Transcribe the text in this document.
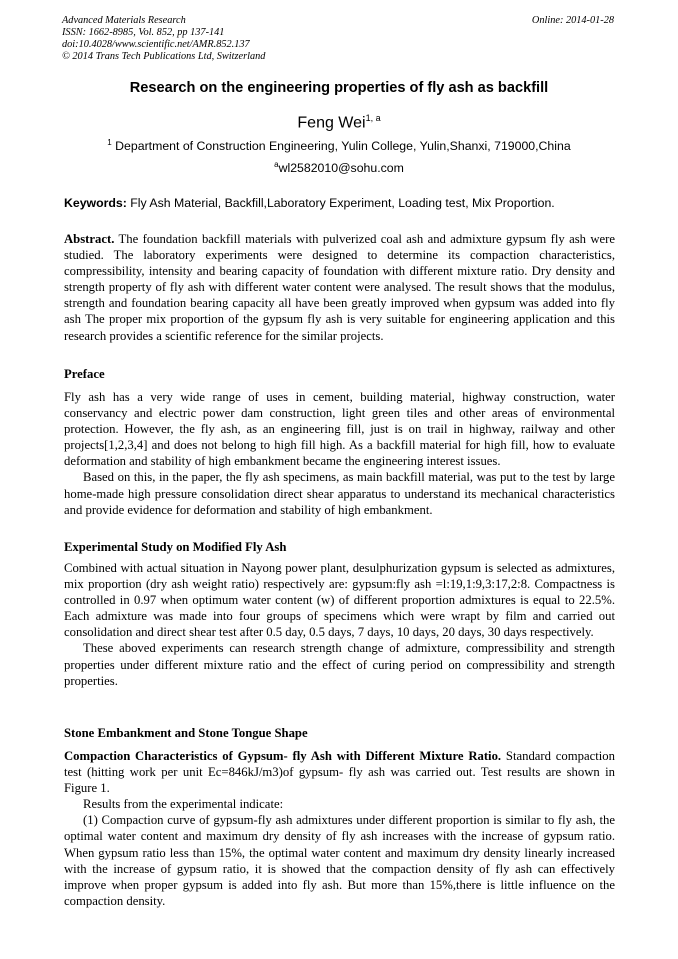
Advanced Materials Research
ISSN: 1662-8985, Vol. 852, pp 137-141
doi:10.4028/www.scientific.net/AMR.852.137
© 2014 Trans Tech Publications Ltd, Switzerland
Online: 2014-01-28
Research on the engineering properties of fly ash as backfill
Feng Wei$^{1, a}$
$^1$ Department of Construction Engineering, Yulin College, Yulin,Shanxi, 719000,China
$^a$wl2582010@sohu.com
Keywords: Fly Ash Material, Backfill,Laboratory Experiment, Loading test, Mix Proportion.

Abstract. The foundation backfill materials with pulverized coal ash and admixture gypsum fly ash were studied. The laboratory experiments were designed to determine its compaction characteristics, compressibility, intensity and bearing capacity of foundation with different mixture ratio. Dry density and strength property of fly ash with different water content were analysed. The result shows that the modulus, strength and foundation bearing capacity all have been greatly improved when gypsum was added into fly ash The proper mix proportion of the gypsum fly ash is very suitable for engineering application and this research provides a scientific reference for the similar projects.

Preface

Fly ash has a very wide range of uses in cement, building material, highway construction, water conservancy and electric power dam construction, light green tiles and other areas of environmental protection. However, the fly ash, as an engineering fill, just is on trail in highway, railway and other projects[1,2,3,4] and does not belong to high fill high. As a backfill material for high fill, how to evaluate deformation and stability of high embankment became the engineering interest issues.

Based on this, in the paper, the fly ash specimens, as main backfill material, was put to the test by large home-made high pressure consolidation direct shear apparatus to understand its mechanical characteristics and provide evidence for deformation and stability of high embankment.

Experimental Study on Modified Fly Ash

Combined with actual situation in Nayong power plant, desulphurization gypsum is selected as admixtures, mix proportion (dry ash weight ratio) respectively are: gypsum:fly ash =l:19,1:9,3:17,2:8. Compactness is controlled in 0.97 when optimum water content (w) of different proportion admixtures is equal to 22.5%. Each admixture was made into four groups of specimens which were wrapt by film and carried out consolidation and direct shear test after 0.5 day, 0.5 days, 7 days, 10 days, 20 days, 30 days respectively.

These aboved experiments can research strength change of admixture, compressibility and strength properties under different mixture ratio and the effect of curing period on compressibility and strength properties.

Stone Embankment and Stone Tongue Shape

Compaction Characteristics of Gypsum- fly Ash with Different Mixture Ratio. Standard compaction test (hitting work per unit Ec=846kJ/m3)of gypsum- fly ash was carried out. Test results are shown in Figure 1.

Results from the experimental indicate:

(1) Compaction curve of gypsum-fly ash admixtures under different proportion is similar to fly ash, the optimal water content and maximum dry density of fly ash increases with the increase of gypsum ratio. When gypsum ratio less than 15%, the optimal water content and maximum dry density linearly increased with the increase of gypsum ratio, it is showed that the compaction density of fly ash can effectively improve when proper gypsum is added into fly ash. But more than 15%,there is little influence on the compaction density.
